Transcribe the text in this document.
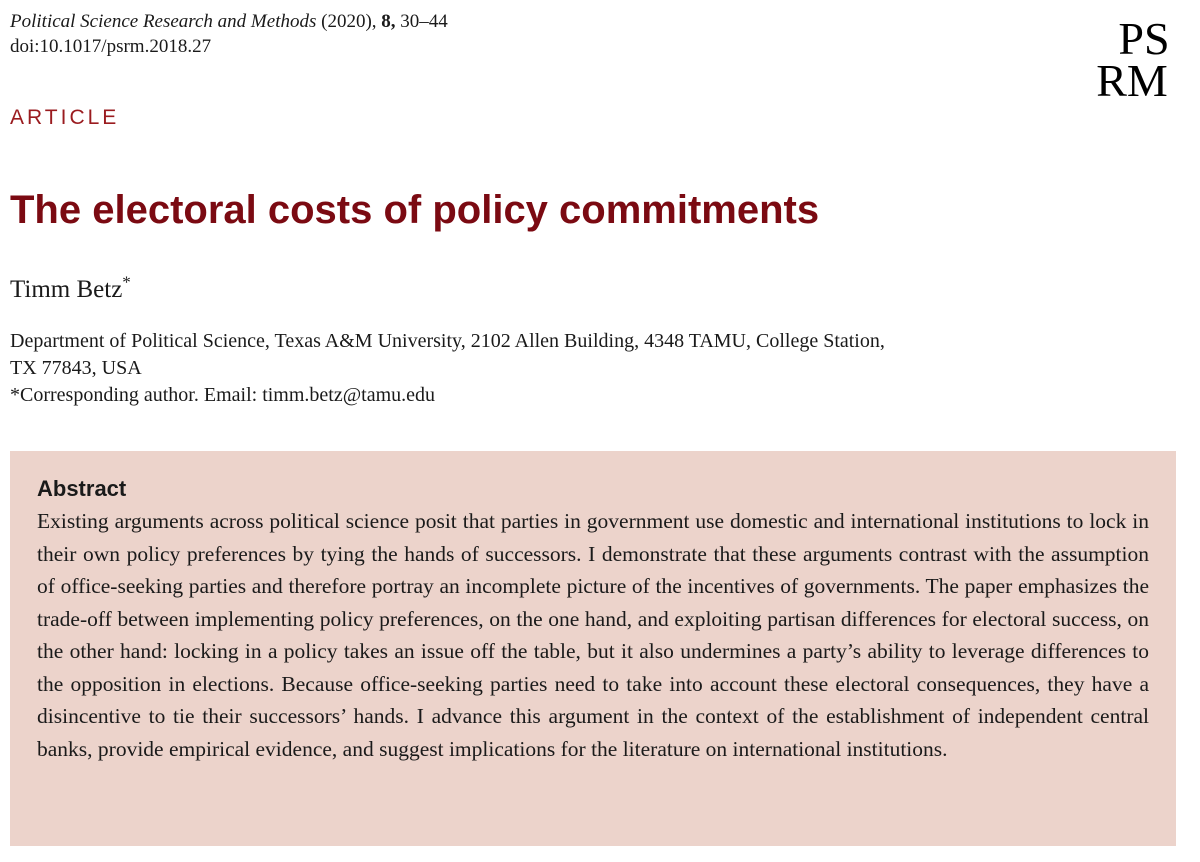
Political Science Research and Methods (2020), 8, 30–44
doi:10.1017/psrm.2018.27	PS
RM
ARTICLE
The electoral costs of policy commitments
Timm Betz*
Department of Political Science, Texas A&M University, 2102 Allen Building, 4348 TAMU, College Station,
TX 77843, USA
*Corresponding author. Email: timm.betz@tamu.edu
Abstract

Existing arguments across political science posit that parties in government use domestic and international institutions to lock in their own policy preferences by tying the hands of successors. I demonstrate that these arguments contrast with the assumption of office-seeking parties and therefore portray an incomplete picture of the incentives of governments. The paper emphasizes the trade-off between implementing policy preferences, on the one hand, and exploiting partisan differences for electoral success, on the other hand: locking in a policy takes an issue off the table, but it also undermines a party’s ability to leverage differences to the opposition in elections. Because office-seeking parties need to take into account these electoral consequences, they have a disincentive to tie their successors’ hands. I advance this argument in the context of the establishment of independent central banks, provide empirical evidence, and suggest implications for the literature on international institutions.
